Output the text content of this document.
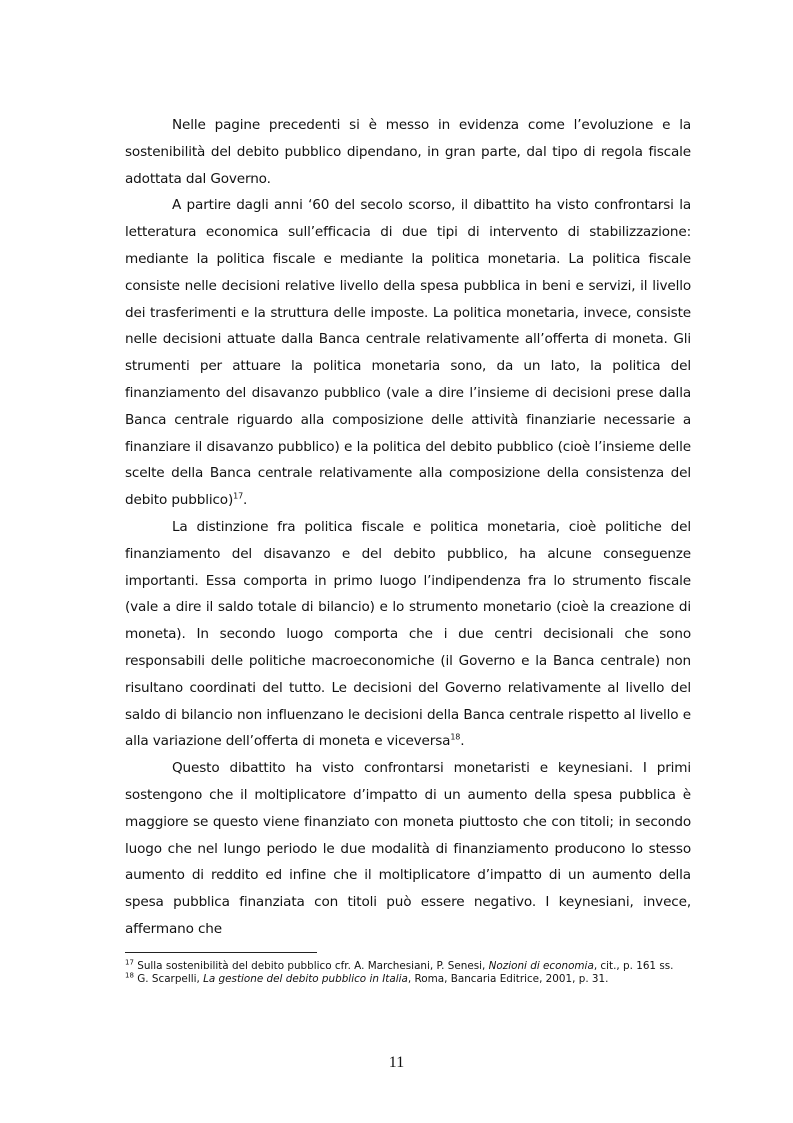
Nelle pagine precedenti si è messo in evidenza come l’evoluzione e la sostenibilità del debito pubblico dipendano, in gran parte, dal tipo di regola fiscale adottata dal Governo.

A partire dagli anni ‘60 del secolo scorso, il dibattito ha visto confrontarsi la letteratura economica sull’efficacia di due tipi di intervento di stabilizzazione: mediante la politica fiscale e mediante la politica monetaria. La politica fiscale consiste nelle decisioni relative livello della spesa pubblica in beni e servizi, il livello dei trasferimenti e la struttura delle imposte. La politica monetaria, invece, consiste nelle decisioni attuate dalla Banca centrale relativamente all’offerta di moneta. Gli strumenti per attuare la politica monetaria sono, da un lato, la politica del finanziamento del disavanzo pubblico (vale a dire l’insieme di decisioni prese dalla Banca centrale riguardo alla composizione delle attività finanziarie necessarie a finanziare il disavanzo pubblico) e la politica del debito pubblico (cioè l’insieme delle scelte della Banca centrale relativamente alla composizione della consistenza del debito pubblico)$^{17}$.

La distinzione fra politica fiscale e politica monetaria, cioè politiche del finanziamento del disavanzo e del debito pubblico, ha alcune conseguenze importanti. Essa comporta in primo luogo l’indipendenza fra lo strumento fiscale (vale a dire il saldo totale di bilancio) e lo strumento monetario (cioè la creazione di moneta). In secondo luogo comporta che i due centri decisionali che sono responsabili delle politiche macroeconomiche (il Governo e la Banca centrale) non risultano coordinati del tutto. Le decisioni del Governo relativamente al livello del saldo di bilancio non influenzano le decisioni della Banca centrale rispetto al livello e alla variazione dell’offerta di moneta e viceversa$^{18}$.

Questo dibattito ha visto confrontarsi monetaristi e keynesiani. I primi sostengono che il moltiplicatore d’impatto di un aumento della spesa pubblica è maggiore se questo viene finanziato con moneta piuttosto che con titoli; in secondo luogo che nel lungo periodo le due modalità di finanziamento producono lo stesso aumento di reddito ed infine che il moltiplicatore d’impatto di un aumento della spesa pubblica finanziata con titoli può essere negativo. I keynesiani, invece, affermano che

$^{17}$ Sulla sostenibilità del debito pubblico cfr. A. Marchesiani, P. Senesi, Nozioni di economia, cit., p. 161 ss.

$^{18}$ G. Scarpelli, La gestione del debito pubblico in Italia, Roma, Bancaria Editrice, 2001, p. 31.

11
